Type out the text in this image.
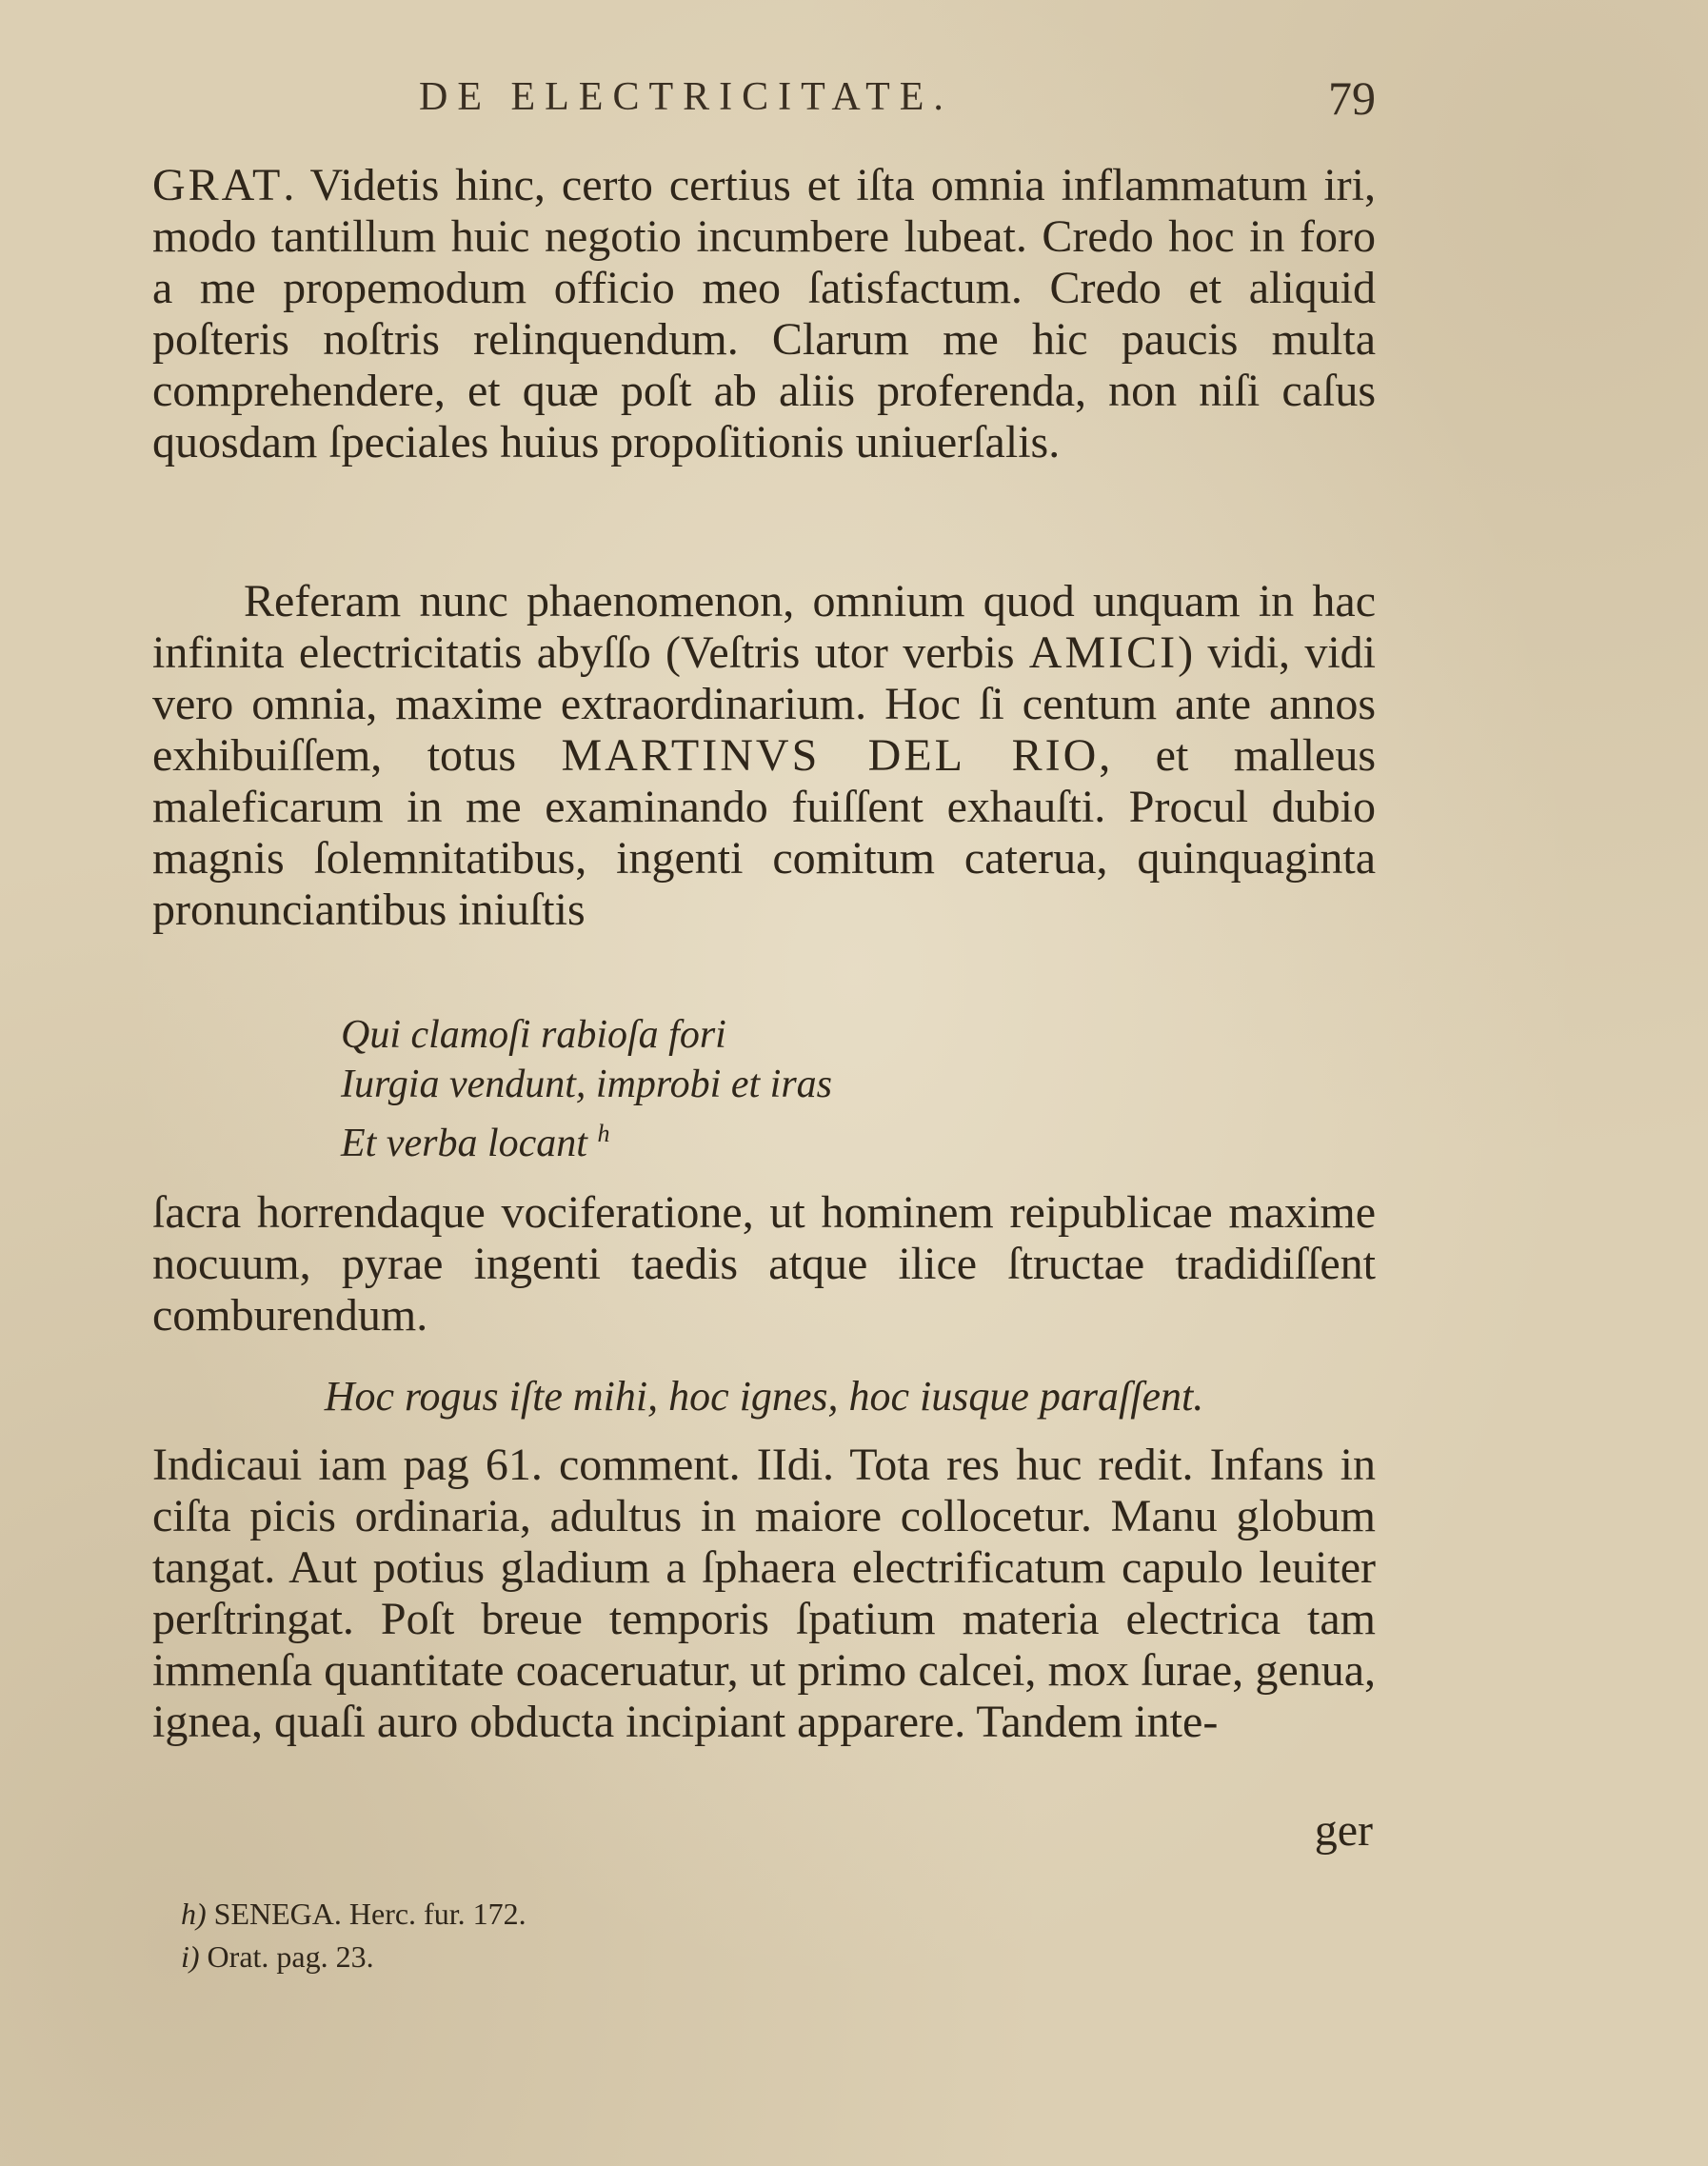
DE ELECTRICITATE.	79

GRAT. Videtis hinc, certo certius et iſta omnia inflammatum iri, modo tantillum huic negotio incumbere lubeat. Credo hoc in foro a me propemodum officio meo ſatisfactum. Credo et aliquid poſteris noſtris relinquendum. Clarum me hic paucis multa comprehendere, et quæ poſt ab aliis proferenda, non niſi caſus quosdam ſpeciales huius propoſitionis uniuerſalis.

Referam nunc phaenomenon, omnium quod unquam in hac infinita electricitatis abyſſo (Veſtris utor verbis AMICI) vidi, vidi vero omnia, maxime extraordinarium. Hoc ſi centum ante annos exhibuiſſem, totus MARTINVS DEL RIO, et malleus maleficarum in me examinando fuiſſent exhauſti. Procul dubio magnis ſolemnitatibus, ingenti comitum caterua, quinquaginta pronunciantibus iniuſtis

Qui clamoſi rabioſa fori
Iurgia vendunt, improbi et iras
Et verba locant $^h$

ſacra horrendaque vociferatione, ut hominem reipublicae maxime nocuum, pyrae ingenti taedis atque ilice ſtructae tradidiſſent comburendum.

Hoc rogus iſte mihi, hoc ignes, hoc iusque paraſſent.

Indicaui iam pag 61. comment. IIdi. Tota res huc redit. Infans in ciſta picis ordinaria, adultus in maiore collocetur. Manu globum tangat. Aut potius gladium a ſphaera electrificatum capulo leuiter perſtringat. Poſt breue temporis ſpatium materia electrica tam immenſa quantitate coaceruatur, ut primo calcei, mox ſurae, genua, ignea, quaſi auro obducta incipiant apparere. Tandem inte-

ger
h) SENEGA. Herc. fur. 172.
i) Orat. pag. 23.
